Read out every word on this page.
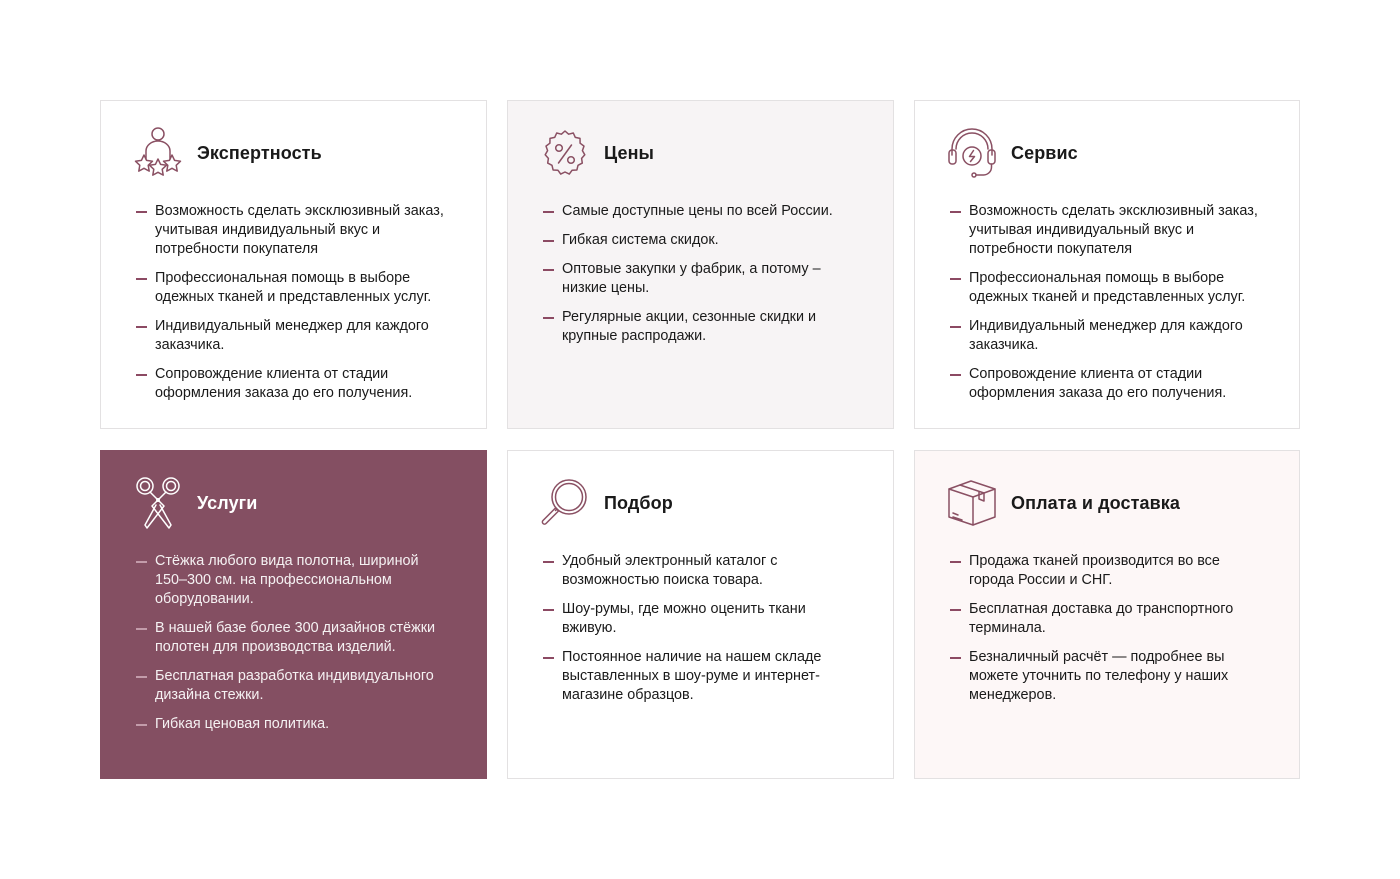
Экспертность
Возможность сделать эксклюзивный заказ, учитывая индивидуальный вкус и потребности покупателя
Профессиональная помощь в выборе одежных тканей и представленных услуг.
Индивидуальный менеджер для каждого заказчика.
Сопровождение клиента от стадии оформления заказа до его получения.
Цены
Самые доступные цены по всей России.
Гибкая система скидок.
Оптовые закупки у фабрик, а потому – низкие цены.
Регулярные акции, сезонные скидки и крупные распродажи.
Сервис
Возможность сделать эксклюзивный заказ, учитывая индивидуальный вкус и потребности покупателя
Профессиональная помощь в выборе одежных тканей и представленных услуг.
Индивидуальный менеджер для каждого заказчика.
Сопровождение клиента от стадии оформления заказа до его получения.
Услуги
Стёжка любого вида полотна, шириной 150–300 см. на профессиональном оборудовании.
В нашей базе более 300 дизайнов стёжки полотен для производства изделий.
Бесплатная разработка индивидуального дизайна стежки.
Гибкая ценовая политика.
Подбор
Удобный электронный каталог с возможностью поиска товара.
Шоу-румы, где можно оценить ткани вживую.
Постоянное наличие на нашем складе выставленных в шоу-руме и интернет-магазине образцов.
Оплата и доставка
Продажа тканей производится во все города России и СНГ.
Бесплатная доставка до транспортного терминала.
Безналичный расчёт — подробнее вы можете уточнить по телефону у наших менеджеров.
